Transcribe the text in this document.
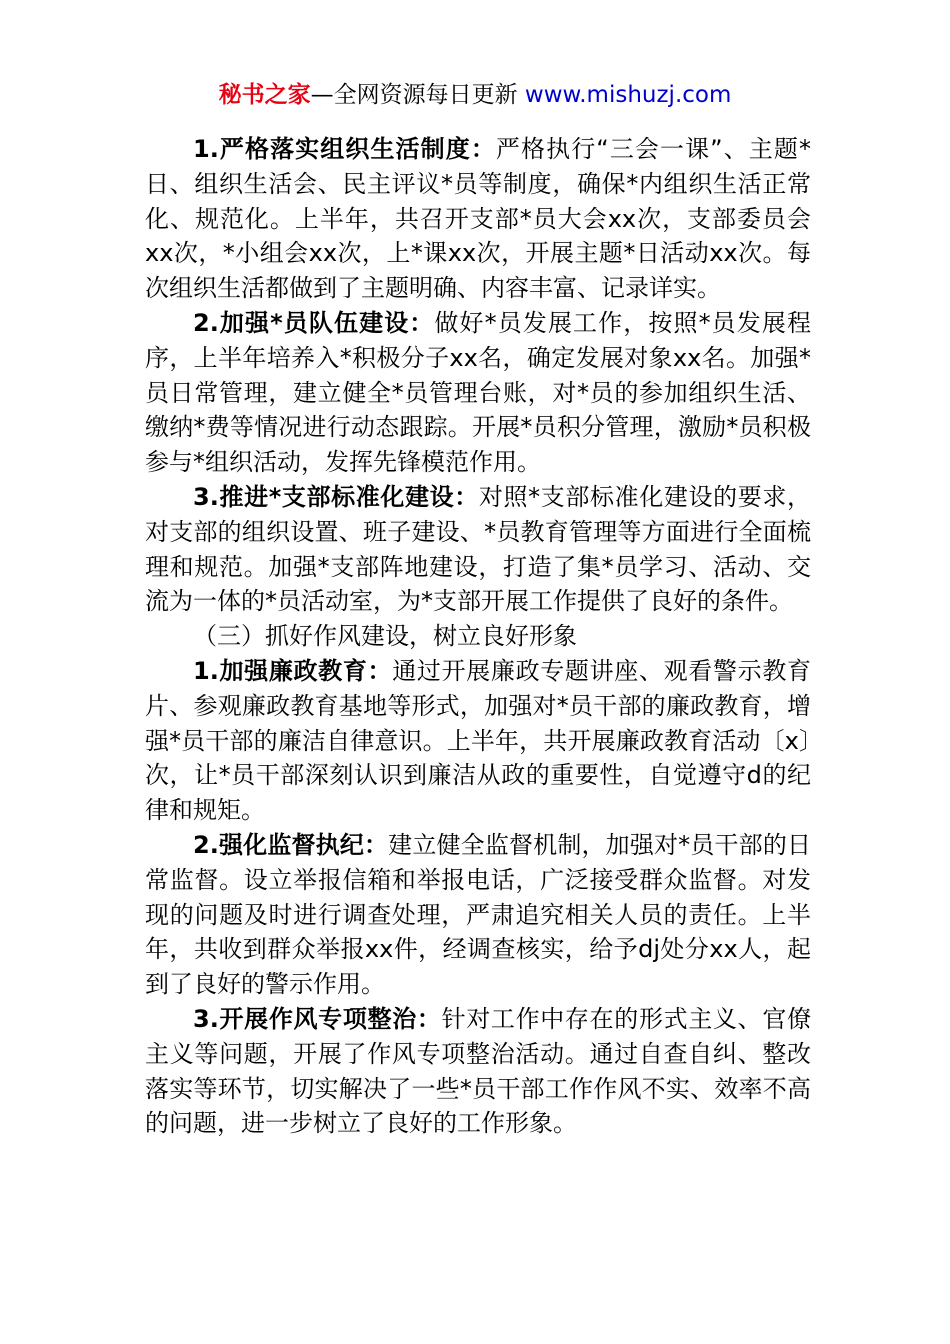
秘书之家—全网资源每日更新 www.mishuzj.com

1.严格落实组织生活制度：严格执行“三会一课”、主题*日、组织生活会、民主评议*员等制度，确保*内组织生活正常化、规范化。上半年，共召开支部*员大会xx次，支部委员会xx次，*小组会xx次，上*课xx次，开展主题*日活动xx次。每次组织生活都做到了主题明确、内容丰富、记录详实。

2.加强*员队伍建设：做好*员发展工作，按照*员发展程序，上半年培养入*积极分子xx名，确定发展对象xx名。加强*员日常管理，建立健全*员管理台账，对*员的参加组织生活、缴纳*费等情况进行动态跟踪。开展*员积分管理，激励*员积极参与*组织活动，发挥先锋模范作用。

3.推进*支部标准化建设：对照*支部标准化建设的要求，对支部的组织设置、班子建设、*员教育管理等方面进行全面梳理和规范。加强*支部阵地建设，打造了集*员学习、活动、交流为一体的*员活动室，为*支部开展工作提供了良好的条件。

（三）抓好作风建设，树立良好形象

1.加强廉政教育：通过开展廉政专题讲座、观看警示教育片、参观廉政教育基地等形式，加强对*员干部的廉政教育，增强*员干部的廉洁自律意识。上半年，共开展廉政教育活动〔x〕次，让*员干部深刻认识到廉洁从政的重要性，自觉遵守d的纪律和规矩。

2.强化监督执纪：建立健全监督机制，加强对*员干部的日常监督。设立举报信箱和举报电话，广泛接受群众监督。对发现的问题及时进行调查处理，严肃追究相关人员的责任。上半年，共收到群众举报xx件，经调查核实，给予dj处分xx人，起到了良好的警示作用。

3.开展作风专项整治：针对工作中存在的形式主义、官僚主义等问题，开展了作风专项整治活动。通过自查自纠、整改落实等环节，切实解决了一些*员干部工作作风不实、效率不高的问题，进一步树立了良好的工作形象。
